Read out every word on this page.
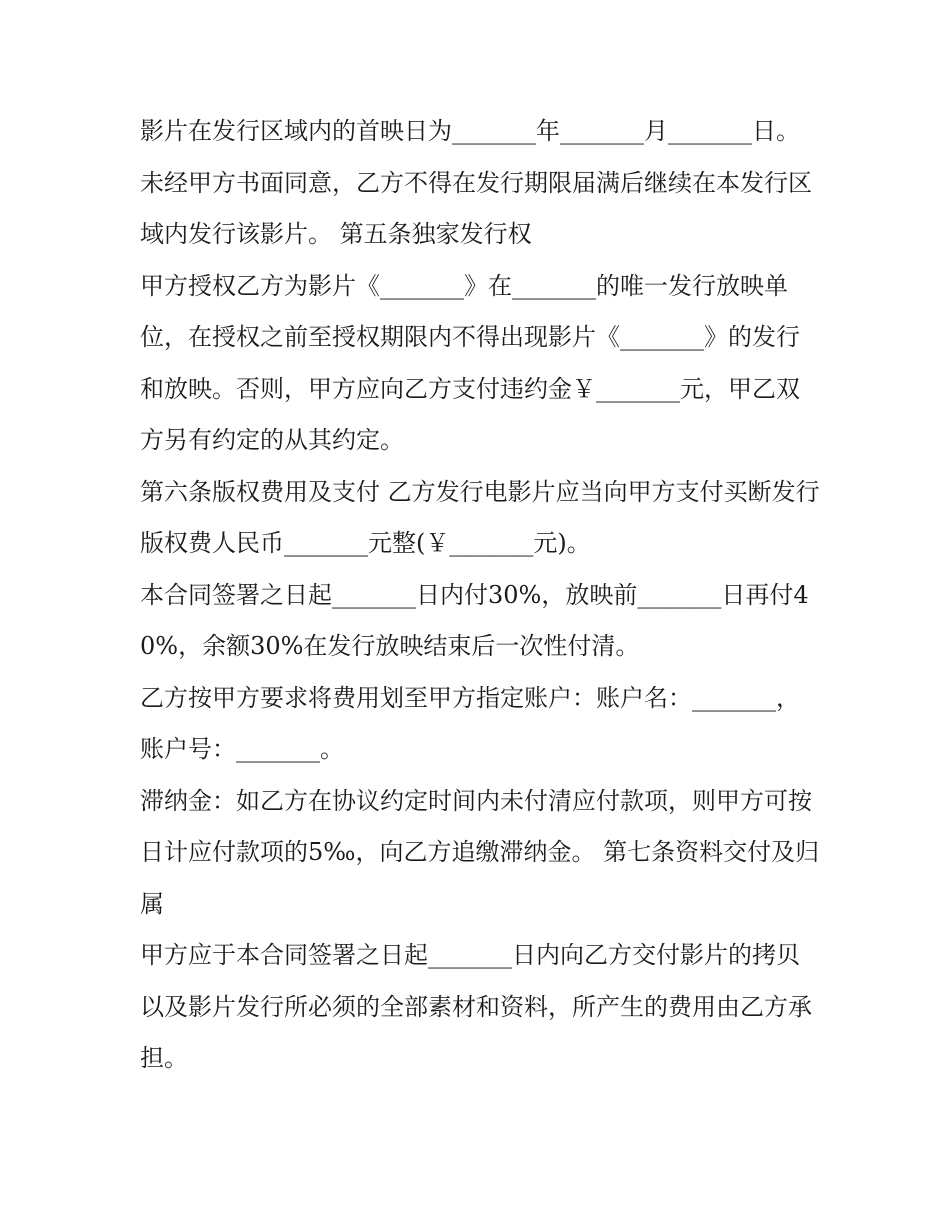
影片在发行区域内的首映日为_______年_______月_______日。

未经甲方书面同意，乙方不得在发行期限届满后继续在本发行区域内发行该影片。 第五条独家发行权

甲方授权乙方为影片《_______》在_______的唯一发行放映单位，在授权之前至授权期限内不得出现影片《_______》的发行和放映。否则，甲方应向乙方支付违约金￥_______元，甲乙双方另有约定的从其约定。

第六条版权费用及支付 乙方发行电影片应当向甲方支付买断发行版权费人民币_______元整(￥_______元)。

本合同签署之日起_______日内付30%，放映前_______日再付40%，余额30%在发行放映结束后一次性付清。

乙方按甲方要求将费用划至甲方指定账户：账户名：_______，账户号：_______。

滞纳金：如乙方在协议约定时间内未付清应付款项，则甲方可按日计应付款项的5‰，向乙方追缴滞纳金。 第七条资料交付及归属

甲方应于本合同签署之日起_______日内向乙方交付影片的拷贝以及影片发行所必须的全部素材和资料，所产生的费用由乙方承担。
